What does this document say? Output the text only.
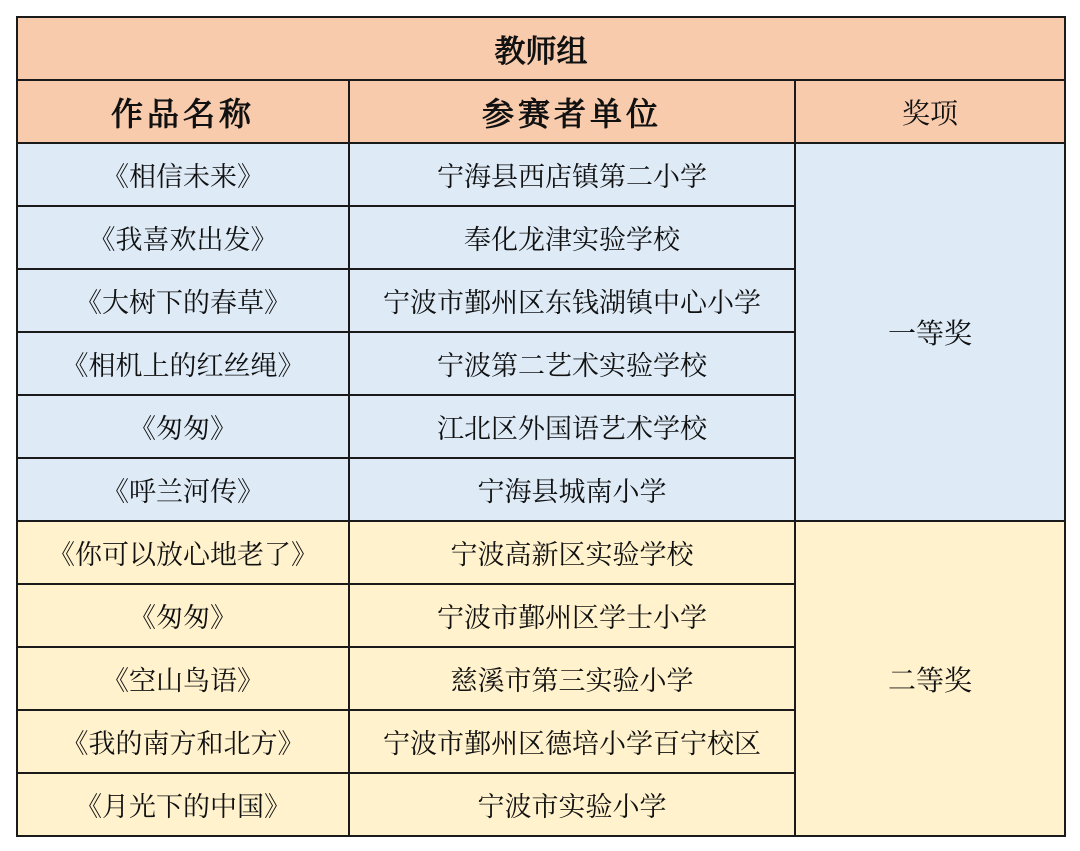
教师组		
作品名称	参赛者单位	奖项
《相信未来》	宁海县西店镇第二小学	一等奖
《我喜欢出发》	奉化龙津实验学校	
《大树下的春草》	宁波市鄞州区东钱湖镇中心小学	
《相机上的红丝绳》	宁波第二艺术实验学校	
《匆匆》	江北区外国语艺术学校	
《呼兰河传》	宁海县城南小学	
《你可以放心地老了》	宁波高新区实验学校	二等奖
《匆匆》	宁波市鄞州区学士小学	
《空山鸟语》	慈溪市第三实验小学	
《我的南方和北方》	宁波市鄞州区德培小学百宁校区	
《月光下的中国》	宁波市实验小学	
